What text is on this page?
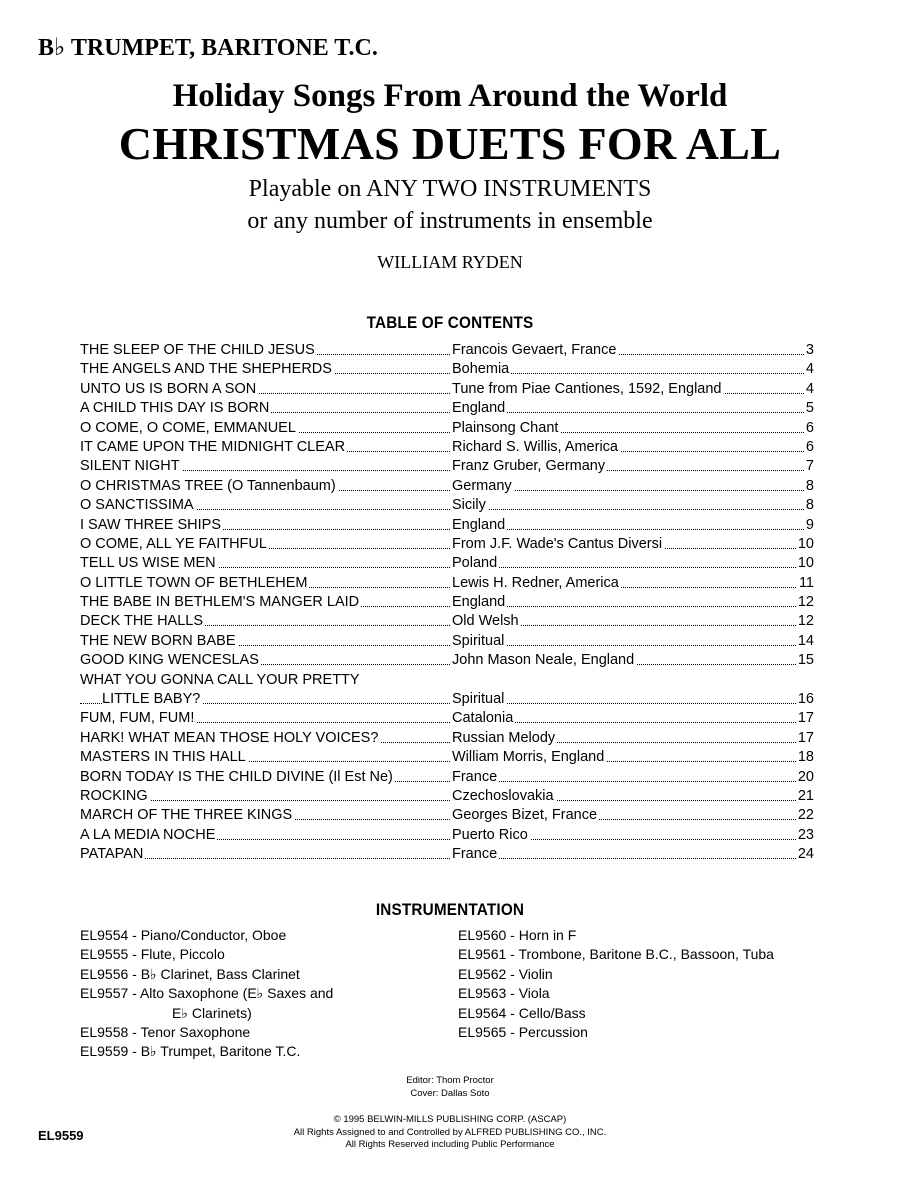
B♭ TRUMPET, BARITONE T.C.
Holiday Songs From Around the World
CHRISTMAS DUETS FOR ALL
Playable on ANY TWO INSTRUMENTS
or any number of instruments in ensemble
WILLIAM RYDEN
TABLE OF CONTENTS
THE SLEEP OF THE CHILD JESUS	Francois Gevaert, France	3
THE ANGELS AND THE SHEPHERDS	Bohemia	4
UNTO US IS BORN A SON	Tune from Piae Cantiones, 1592, England	4
A CHILD THIS DAY IS BORN	England	5
O COME, O COME, EMMANUEL	Plainsong Chant	6
IT CAME UPON THE MIDNIGHT CLEAR	Richard S. Willis, America	6
SILENT NIGHT	Franz Gruber, Germany	7
O CHRISTMAS TREE (O Tannenbaum)	Germany	8
O SANCTISSIMA	Sicily	8
I SAW THREE SHIPS	England	9
O COME, ALL YE FAITHFUL	From J.F. Wade's Cantus Diversi	10
TELL US WISE MEN	Poland	10
O LITTLE TOWN OF BETHLEHEM	Lewis H. Redner, America	11
THE BABE IN BETHLEM'S MANGER LAID	England	12
DECK THE HALLS	Old Welsh	12
THE NEW BORN BABE	Spiritual	14
GOOD KING WENCESLAS	John Mason Neale, England	15
WHAT YOU GONNA CALL YOUR PRETTY
LITTLE BABY?	Spiritual	16
FUM, FUM, FUM!	Catalonia	17
HARK! WHAT MEAN THOSE HOLY VOICES?	Russian Melody	17
MASTERS IN THIS HALL	William Morris, England	18
BORN TODAY IS THE CHILD DIVINE (Il Est Ne)	France	20
ROCKING	Czechoslovakia	21
MARCH OF THE THREE KINGS	Georges Bizet, France	22
A LA MEDIA NOCHE	Puerto Rico	23
PATAPAN	France	24
INSTRUMENTATION
EL9554 - Piano/Conductor, Oboe
EL9555 - Flute, Piccolo
EL9556 - B♭ Clarinet, Bass Clarinet
EL9557 - Alto Saxophone (E♭ Saxes and
E♭ Clarinets)
EL9558 - Tenor Saxophone
EL9559 - B♭ Trumpet, Baritone T.C.
EL9560 - Horn in F
EL9561 - Trombone, Baritone B.C., Bassoon, Tuba
EL9562 - Violin
EL9563 - Viola
EL9564 - Cello/Bass
EL9565 - Percussion
Editor: Thom Proctor
Cover: Dallas Soto
© 1995 BELWIN-MILLS PUBLISHING CORP. (ASCAP)
All Rights Assigned to and Controlled by ALFRED PUBLISHING CO., INC.
All Rights Reserved including Public Performance
EL9559
